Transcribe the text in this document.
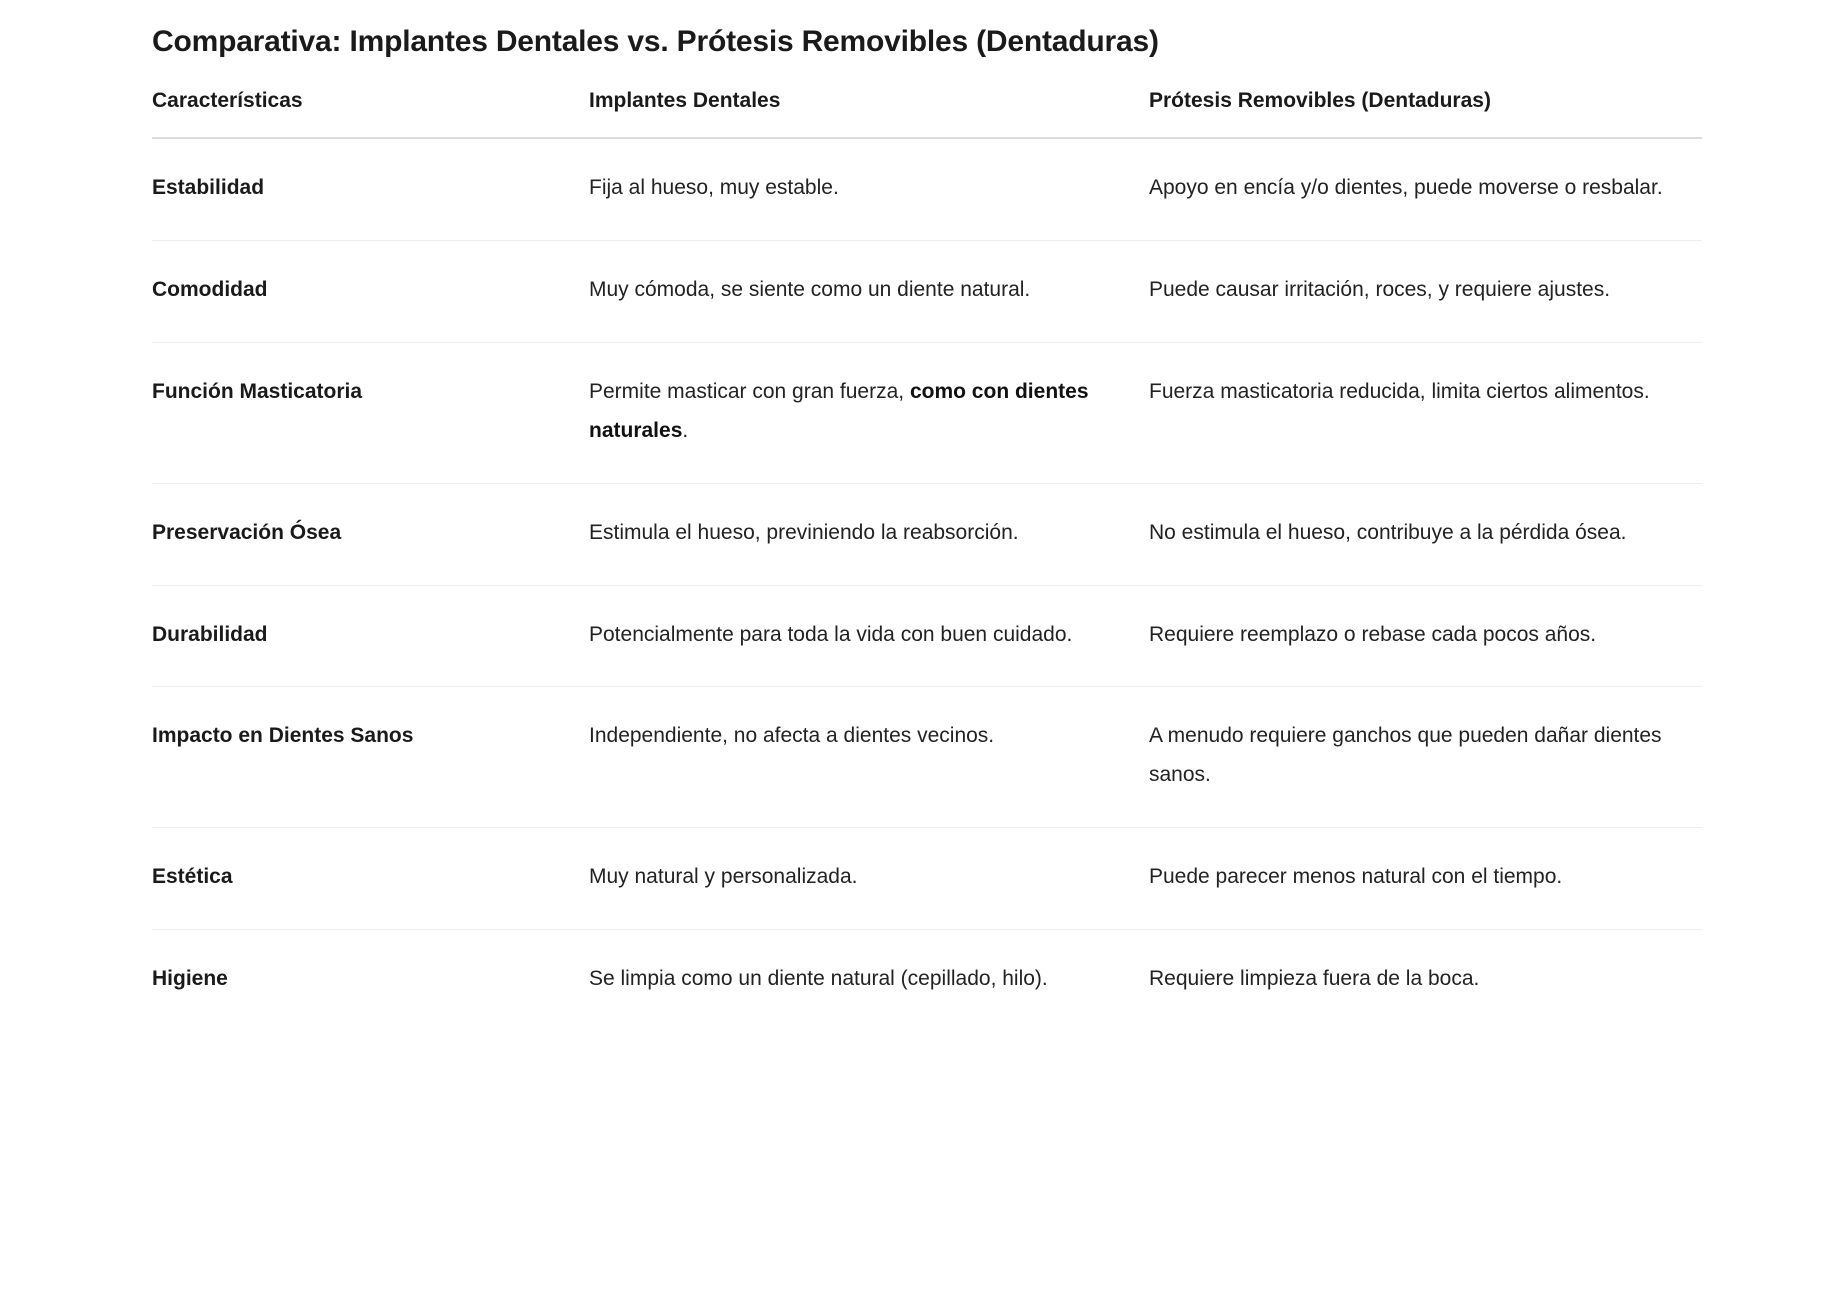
Comparativa: Implantes Dentales vs. Prótesis Removibles (Dentaduras)
Características	Implantes Dentales	Prótesis Removibles (Dentaduras)
Estabilidad	Fija al hueso, muy estable.	Apoyo en encía y/o dientes, puede moverse o resbalar.
Comodidad	Muy cómoda, se siente como un diente natural.	Puede causar irritación, roces, y requiere ajustes.
Función Masticatoria	Permite masticar con gran fuerza, como con dientes naturales.	Fuerza masticatoria reducida, limita ciertos alimentos.
Preservación Ósea	Estimula el hueso, previniendo la reabsorción.	No estimula el hueso, contribuye a la pérdida ósea.
Durabilidad	Potencialmente para toda la vida con buen cuidado.	Requiere reemplazo o rebase cada pocos años.
Impacto en Dientes Sanos	Independiente, no afecta a dientes vecinos.	A menudo requiere ganchos que pueden dañar dientes sanos.
Estética	Muy natural y personalizada.	Puede parecer menos natural con el tiempo.
Higiene	Se limpia como un diente natural (cepillado, hilo).	Requiere limpieza fuera de la boca.
